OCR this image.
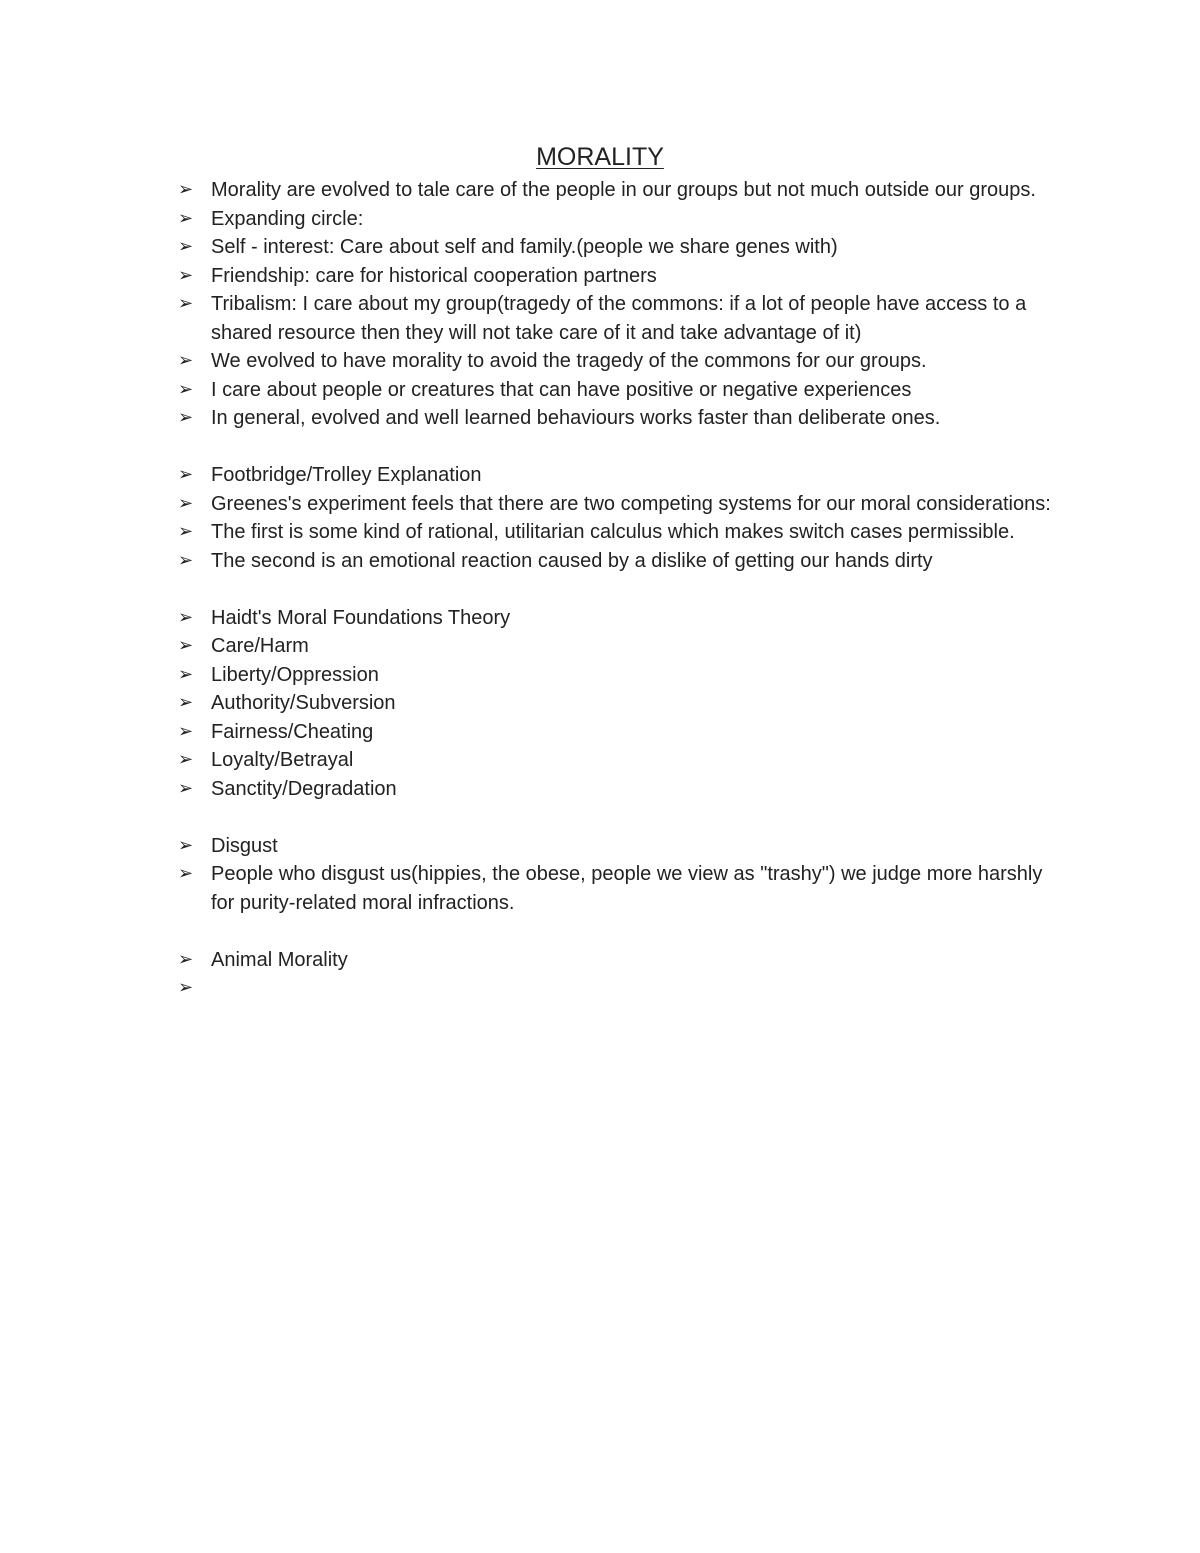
MORALITY
➢ Morality are evolved to tale care of the people in our groups but not much outside our groups.
➢ Expanding circle:
➢ Self - interest: Care about self and family.(people we share genes with)
➢ Friendship: care for historical cooperation partners
➢ Tribalism: I care about my group(tragedy of the commons: if a lot of people have access to a shared resource then they will not take care of it and take advantage of it)
➢ We evolved to have morality to avoid the tragedy of the commons for our groups.
➢ I care about people or creatures that can have positive or negative experiences
➢ In general, evolved and well learned behaviours works faster than deliberate ones.
➢ Footbridge/Trolley Explanation
➢ Greenes's experiment feels that there are two competing systems for our moral considerations:
➢ The first is some kind of rational, utilitarian calculus which makes switch cases permissible.
➢ The second is an emotional reaction caused by a dislike of getting our hands dirty
➢ Haidt's Moral Foundations Theory
➢ Care/Harm
➢ Liberty/Oppression
➢ Authority/Subversion
➢ Fairness/Cheating
➢ Loyalty/Betrayal
➢ Sanctity/Degradation
➢ Disgust
➢ People who disgust us(hippies, the obese, people we view as "trashy") we judge more harshly for purity-related moral infractions.
➢ Animal Morality
➢
